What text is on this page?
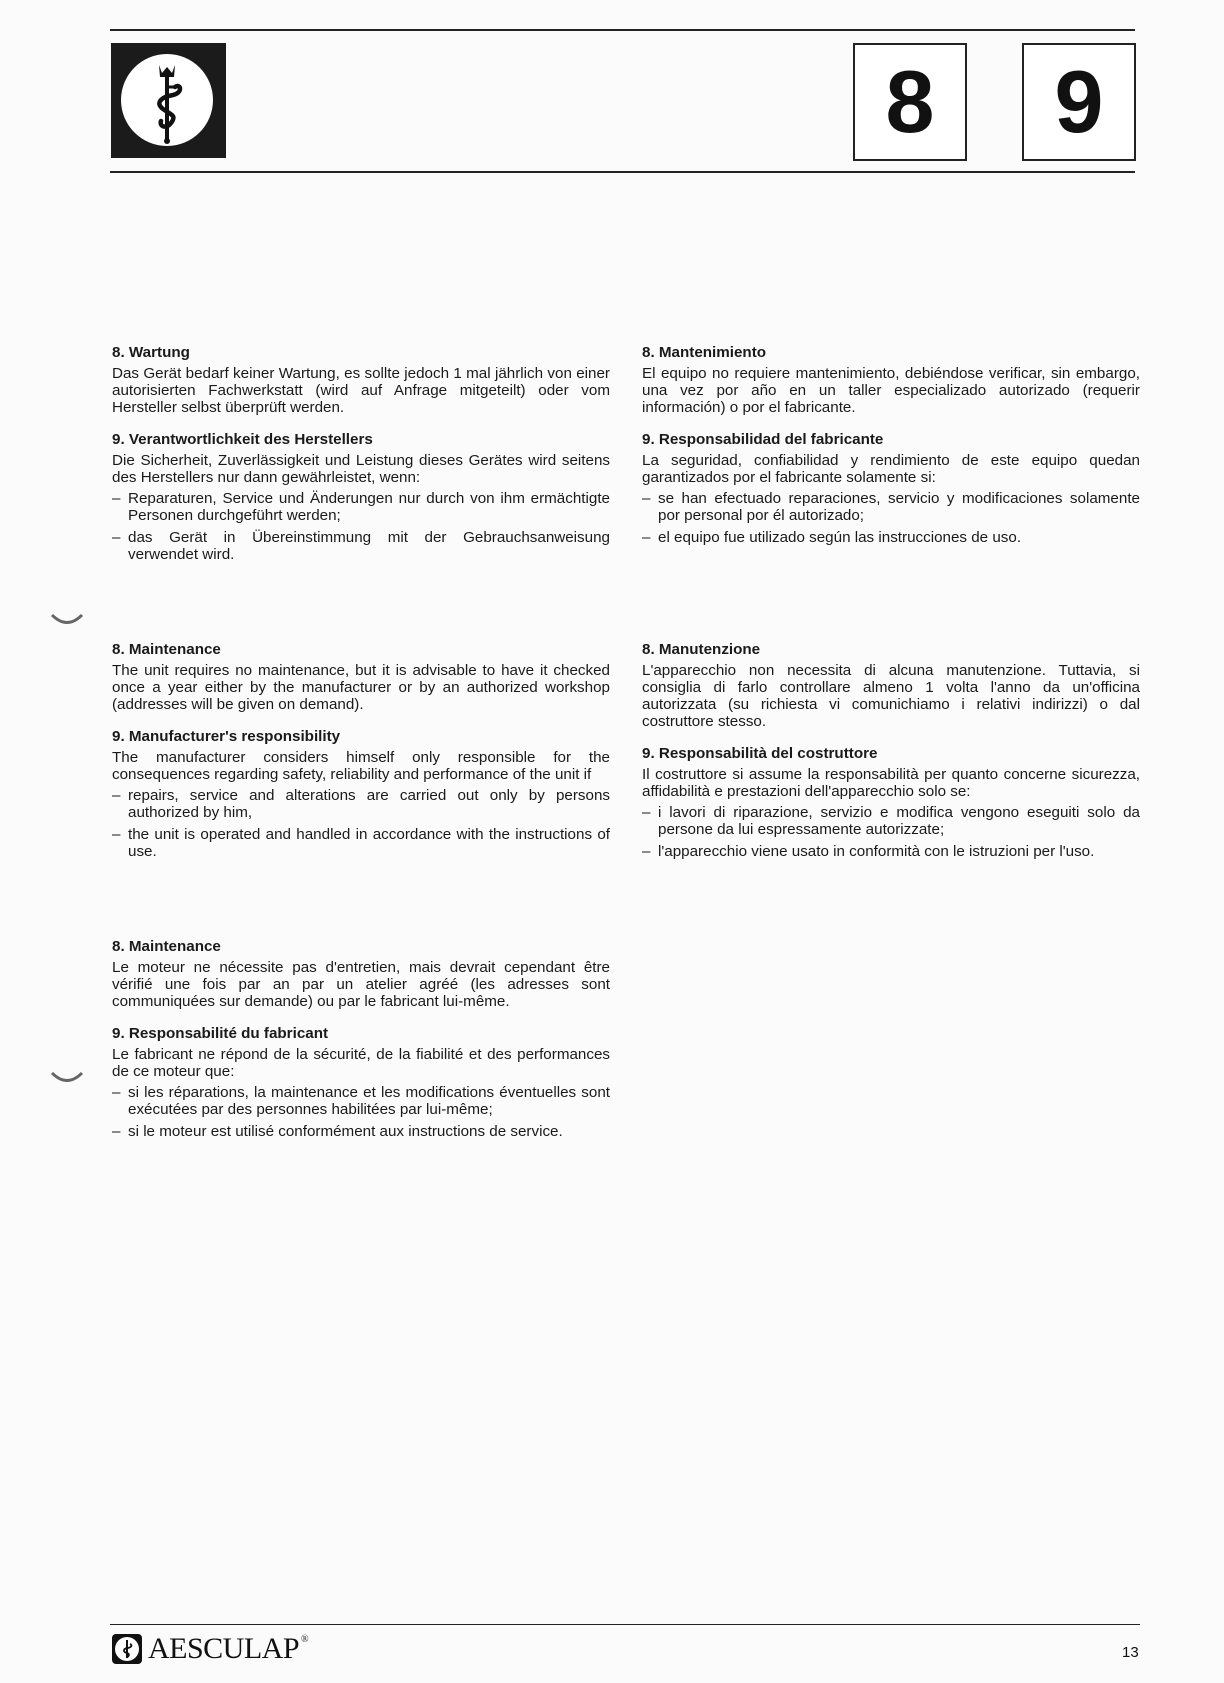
8	9
8. Wartung

Das Gerät bedarf keiner Wartung, es sollte jedoch 1 mal jährlich von einer autorisierten Fachwerkstatt (wird auf Anfrage mitgeteilt) oder vom Hersteller selbst überprüft werden.

9. Verantwortlichkeit des Herstellers

Die Sicherheit, Zuverlässigkeit und Leistung dieses Gerätes wird seitens des Herstellers nur dann gewährleistet, wenn:

– Reparaturen, Service und Änderungen nur durch von ihm ermächtigte Personen durchgeführt werden;
– das Gerät in Übereinstimmung mit der Gebrauchsanweisung verwendet wird.
8. Mantenimiento

El equipo no requiere mantenimiento, debiéndose verificar, sin embargo, una vez por año en un taller especializado autorizado (requerir información) o por el fabricante.

9. Responsabilidad del fabricante

La seguridad, confiabilidad y rendimiento de este equipo quedan garantizados por el fabricante solamente si:

– se han efectuado reparaciones, servicio y modificaciones solamente por personal por él autorizado;
– el equipo fue utilizado según las instrucciones de uso.
8. Maintenance

The unit requires no maintenance, but it is advisable to have it checked once a year either by the manufacturer or by an authorized workshop (addresses will be given on demand).

9. Manufacturer's responsibility

The manufacturer considers himself only responsible for the consequences regarding safety, reliability and performance of the unit if

– repairs, service and alterations are carried out only by persons authorized by him,
– the unit is operated and handled in accordance with the instructions of use.
8. Manutenzione

L'apparecchio non necessita di alcuna manutenzione. Tuttavia, si consiglia di farlo controllare almeno 1 volta l'anno da un'officina autorizzata (su richiesta vi comunichiamo i relativi indirizzi) o dal costruttore stesso.

9. Responsabilità del costruttore

Il costruttore si assume la responsabilità per quanto concerne sicurezza, affidabilità e prestazioni dell'apparecchio solo se:

– i lavori di riparazione, servizio e modifica vengono eseguiti solo da persone da lui espressamente autorizzate;
– l'apparecchio viene usato in conformità con le istruzioni per l'uso.
8. Maintenance

Le moteur ne nécessite pas d'entretien, mais devrait cependant être vérifié une fois par an par un atelier agréé (les adresses sont communiquées sur demande) ou par le fabricant lui-même.

9. Responsabilité du fabricant

Le fabricant ne répond de la sécurité, de la fiabilité et des performances de ce moteur que:

– si les réparations, la maintenance et les modifications éventuelles sont exécutées par des personnes habilitées par lui-même;
– si le moteur est utilisé conformément aux instructions de service.
AESCULAP ®
13
